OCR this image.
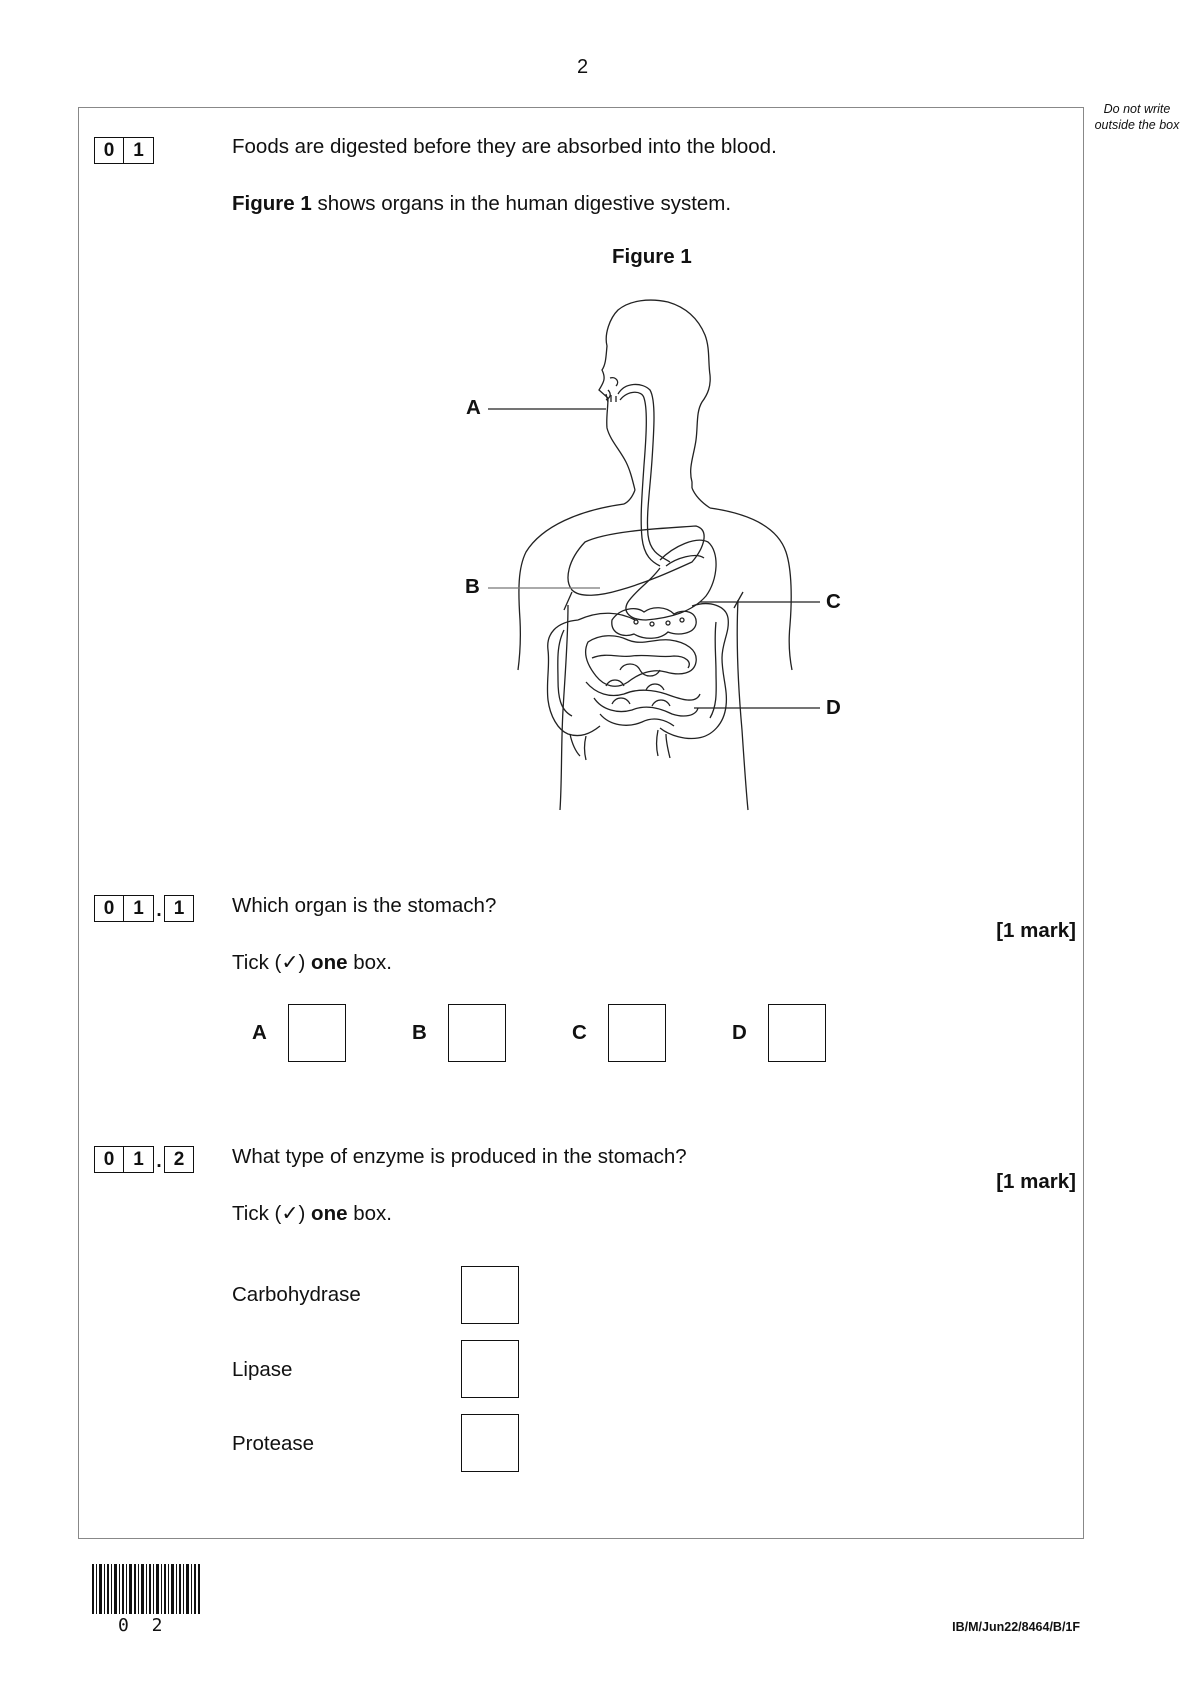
2
Do not write outside the box
0 1	Foods are digested before they are absorbed into the blood.
Figure 1 shows organs in the human digestive system.
Figure 1
A
B
C
D
0 1 . 1	Which organ is the stomach?
[1 mark]
Tick (✓) one box.
A	B	C	D
0 1 . 2	What type of enzyme is produced in the stomach?
[1 mark]
Tick (✓) one box.
Carbohydrase
Lipase
Protease
0 2	IB/M/Jun22/8464/B/1F
